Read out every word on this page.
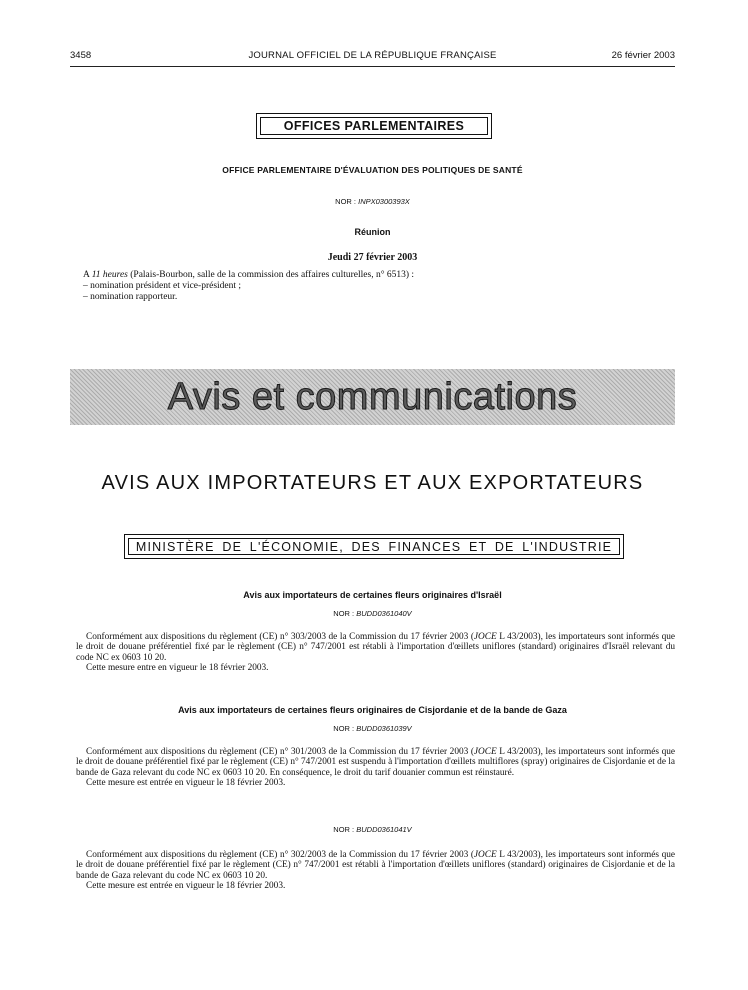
3458	JOURNAL OFFICIEL DE LA RÉPUBLIQUE FRANÇAISE	26 février 2003
OFFICES PARLEMENTAIRES
OFFICE PARLEMENTAIRE D'ÉVALUATION DES POLITIQUES DE SANTÉ
NOR : INPX0300393X
Réunion
Jeudi 27 février 2003
A 11 heures (Palais-Bourbon, salle de la commission des affaires culturelles, n° 6513) :
– nomination président et vice-président ;
– nomination rapporteur.
Avis et communications
AVIS AUX IMPORTATEURS ET AUX EXPORTATEURS
MINISTÈRE DE L'ÉCONOMIE, DES FINANCES ET DE L'INDUSTRIE
Avis aux importateurs de certaines fleurs originaires d'Israël
NOR : BUDD0361040V

Conformément aux dispositions du règlement (CE) n° 303/2003 de la Commission du 17 février 2003 (JOCE L 43/2003), les importateurs sont informés que le droit de douane préférentiel fixé par le règlement (CE) n° 747/2001 est rétabli à l'importation d'œillets uniflores (standard) originaires d'Israël relevant du code NC ex 0603 10 20.

Cette mesure entre en vigueur le 18 février 2003.

Avis aux importateurs de certaines fleurs originaires de Cisjordanie et de la bande de Gaza
NOR : BUDD0361039V

Conformément aux dispositions du règlement (CE) n° 301/2003 de la Commission du 17 février 2003 (JOCE L 43/2003), les importateurs sont informés que le droit de douane préférentiel fixé par le règlement (CE) n° 747/2001 est suspendu à l'importation d'œillets multiflores (spray) originaires de Cisjordanie et de la bande de Gaza relevant du code NC ex 0603 10 20. En conséquence, le droit du tarif douanier commun est réinstauré.

Cette mesure est entrée en vigueur le 18 février 2003.

NOR : BUDD0361041V

Conformément aux dispositions du règlement (CE) n° 302/2003 de la Commission du 17 février 2003 (JOCE L 43/2003), les importateurs sont informés que le droit de douane préférentiel fixé par le règlement (CE) n° 747/2001 est rétabli à l'importation d'œillets uniflores (standard) originaires de Cisjordanie et de la bande de Gaza relevant du code NC ex 0603 10 20.

Cette mesure est entrée en vigueur le 18 février 2003.
